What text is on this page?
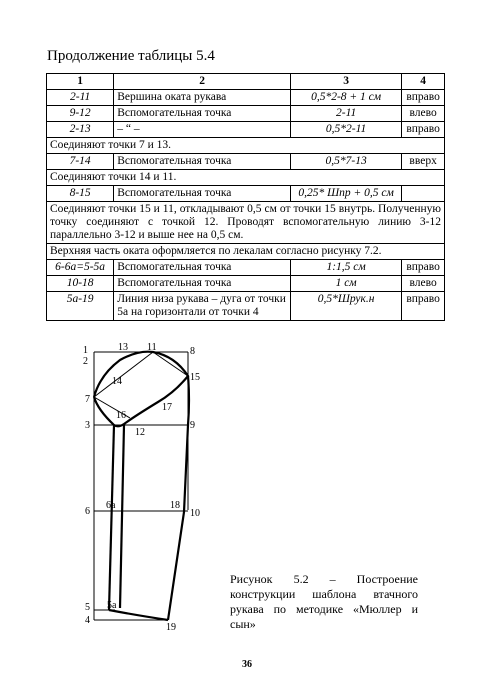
Продолжение таблицы 5.4
1	2	3	4
2-11	Вершина оката рукава	0,5*2-8 + 1 см	вправо
9-12	Вспомогательная точка	2-11	влево
2-13	– “ –	0,5*2-11	вправо
Соединяют точки 7 и 13.			
7-14	Вспомогательная точка	0,5*7-13	вверх
Соединяют точки 14 и 11.			
8-15	Вспомогательная точка	0,25* Шпр + 0,5 см	
Соединяют точки 15 и 11, откладывают 0,5 см от точки 15 внутрь. Полученную точку соединяют с точкой 12. Проводят вспомогательную линию 3-12 параллельно 3-12 и выше нее на 0,5 см.			
Верхняя часть оката оформляется по лекалам согласно рисунку 7.2.			
6-6а=5-5а	Вспомогательная точка	1:1,5 см	вправо
10-18	Вспомогательная точка	1 см	влево
5а-19	Линия низа рукава – дуга от точки 5а на горизонтали от точки 4	0,5*Шрук.н	вправо
1
2
13 11	8
14	15
7
16
17
3
12
9
6
6а	18
10
5 5а
4
19
Рисунок 5.2 – Построение конструкции шаблона втачного рукава по методике «Мюллер и сын»
36
